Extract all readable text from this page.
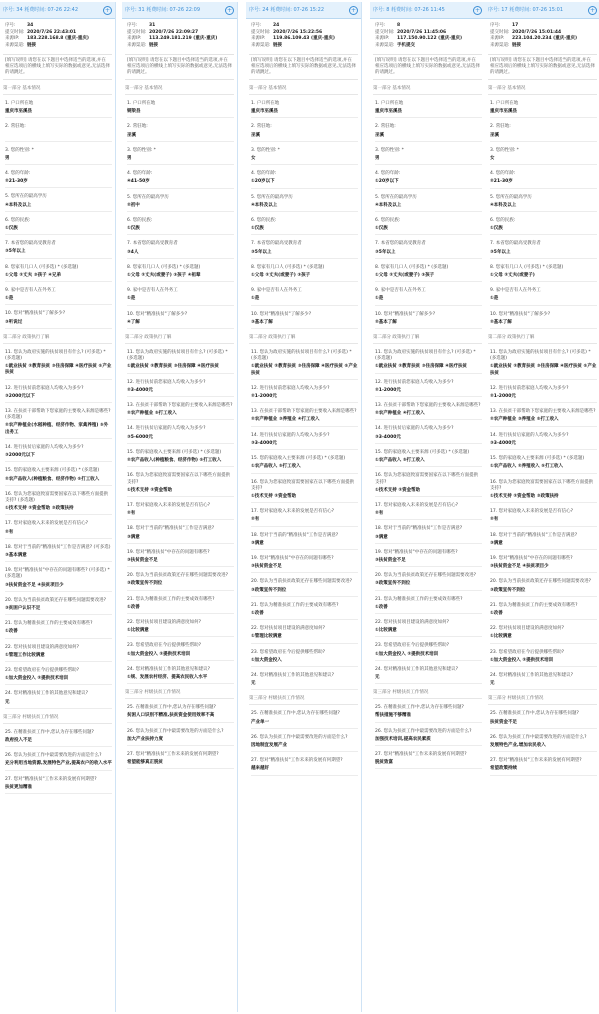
序号: 34 耗费时间: 07-26 22:42	+
序号:	34
提交时间: 2020/7/26 22:43:01
来源IP: 183.228.168.8 (重庆-重庆)
来源渠道: 链接
[填写说明] 请您在以下题目中选择适当的选项,并在相应选项后的横线上填写实际的数据或意见,无法选择的请跳过。
第一部分 基本情况
1. 户口所在地
重庆市巫溪县
2. 常驻地:
3. 您的性别: *
男
4. 您的年龄:
②21-30岁
5. 您所在的最高学历
④本科及以上
6. 您的民族:
①汉族
7. 本省您的最高受教育者
③5年以上
8. 您家有几口人 (可多选) * (多选题)
①父母 ②丈夫 ③孩子 ④兄弟
9. 家中是否有人在外务工
①是
10. 您对"精准扶贫"了解多少?
③听说过
第二部分 政策执行了解
11. 您认为政府实施的扶贫项目有什么? (可多选) * (多选题)
①就业扶贫 ②教育扶贫 ③住房保障 ④医疗扶贫 ⑤产业扶贫
12. 进行扶贫前您家庭人均收入为多少?
③2000元以下
13. 在扶贫干部帮助下您家庭的主要收入来源是哪些? (多选题)
②农产种植业(水稻种植、经济作物、家禽养殖) ⑤外出务工
14. 进行扶贫后家庭的人均收入为多少?
③2000元以下
15. 您的家庭收入主要来源 (可多选) * (多选题)
②农产品收入(种植粮食、经济作物) ⑤打工收入
16. 您认为您家庭致富需要国家在以下哪些方面提供支持? (多选题)
①技术支持 ②资金帮助 ③政策扶持
17. 您对家庭收入未来的发展是否有信心?
②有
18. 您对于当前的"精准扶贫"工作是否满意? (可多选)
③基本满意
19. 您对"精准扶贫"中存在的问题有哪些? (可多选) * (多选题)
③扶贫资金不足 ④扶贫项目少
20. 您认为当前扶贫政策还存在哪些问题需要改进?
③贫困户认识不足
21. 您认为精准扶贫工作的主要成效有哪些?
①改善
22. 您对扶贫项目建设的满意度如何?
①管理工作比较满意
23. 您希望政府在今后提供哪些帮助?
①加大资金投入 ②提供技术培训
24. 您对精准扶贫工作的其他意见和建议?
无
第三部分 村级扶贫工作情况
25. 在精准扶贫工作中,您认为存在哪些问题?
政府投入不足
26. 您认为扶贫工作中最需要改进的方面是什么?
充分利用当地资源,发展特色产业,提高农户的收入水平
27. 您对"精准扶贫"工作未来的发展有何期望?
扶贫更加精准
序号: 31 耗费时间: 07-26 22:09	+
序号:	31
提交时间: 2020/7/26 22:09:27
来源IP: 113.249.181.219 (重庆-重庆)
来源渠道: 链接
[填写说明] 请您在以下题目中选择适当的选项,并在相应选项后的横线上填写实际的数据或意见,无法选择的请跳过。
第一部分 基本情况
1. 户口所在地
铜梁县
2. 常驻地:
巫溪
3. 您的性别: *
男
4. 您的年龄:
④41-50岁
5. 您所在的最高学历
②初中
6. 您的民族:
①汉族
7. 本省您的最高受教育者
③4人
8. 您家有几口人 (可多选) * (多选题)
①父母 ②丈夫(或妻子) ③孩子 ④祖辈
9. 家中是否有人在外务工
①是
10. 您对"精准扶贫"了解多少?
④了解
第二部分 政策执行了解
11. 您认为政府实施的扶贫项目有什么? (可多选) * (多选题)
①就业扶贫 ②教育扶贫 ③住房保障 ④医疗扶贫
12. 进行扶贫前您家庭人均收入为多少?
②3-4000元
13. 在扶贫干部帮助下您家庭的主要收入来源是哪些?
②农产种植业 ⑤打工收入
14. 进行扶贫后家庭的人均收入为多少?
③5-6000元
15. 您的家庭收入主要来源 (可多选) * (多选题)
②农产品收入(种植粮食、经济作物) ⑤打工收入
16. 您认为您家庭致富需要国家在以下哪些方面提供支持?
①技术支持 ②资金帮助
17. 您对家庭收入未来的发展是否有信心?
②有
18. 您对于当前的"精准扶贫"工作是否满意?
③满意
19. 您对"精准扶贫"中存在的问题有哪些?
③扶贫资金不足
20. 您认为当前扶贫政策还存在哪些问题需要改进?
③政策宣传不到位
21. 您认为精准扶贫工作的主要成效有哪些?
①改善
22. 您对扶贫项目建设的满意度如何?
①比较满意
23. 您希望政府在今后提供哪些帮助?
①加大资金投入 ②提供技术培训
24. 您对精准扶贫工作的其他意见和建议?
①规、发展农村经济、提高农民收入水平
第三部分 村级扶贫工作情况
25. 在精准扶贫工作中,您认为存在哪些问题?
贫困人口识别不精准,扶贫资金使用效率不高
26. 您认为扶贫工作中最需要改进的方面是什么?
加大产业扶持力度
27. 您对"精准扶贫"工作未来的发展有何期望?
希望能够真正脱贫
序号: 24 耗费时间: 07-26 15:22	+
序号:	24
提交时间: 2020/7/26 15:22:56
来源IP: 119.86.109.43 (重庆-重庆)
来源渠道: 链接
[填写说明] 请您在以下题目中选择适当的选项,并在相应选项后的横线上填写实际的数据或意见,无法选择的请跳过。
第一部分 基本情况
1. 户口所在地
重庆市巫溪县
2. 常驻地:
巫溪
3. 您的性别: *
女
4. 您的年龄:
①20岁以下
5. 您所在的最高学历
④本科及以上
6. 您的民族:
①汉族
7. 本省您的最高受教育者
③5年以上
8. 您家有几口人 (可多选) * (多选题)
①父母 ②丈夫(或妻子) ③孩子
9. 家中是否有人在外务工
①是
10. 您对"精准扶贫"了解多少?
③基本了解
第二部分 政策执行了解
11. 您认为政府实施的扶贫项目有什么? (可多选) * (多选题)
①就业扶贫 ②教育扶贫 ③住房保障 ④医疗扶贫 ⑤产业扶贫
12. 进行扶贫前您家庭人均收入为多少?
②1-2000元
13. 在扶贫干部帮助下您家庭的主要收入来源是哪些?
②农产种植业 ③养殖业 ④打工收入
14. 进行扶贫后家庭的人均收入为多少?
③3-4000元
15. 您的家庭收入主要来源 (可多选) * (多选题)
①农产品收入 ⑤打工收入
16. 您认为您家庭致富需要国家在以下哪些方面提供支持?
①技术支持 ②资金帮助
17. 您对家庭收入未来的发展是否有信心?
②有
18. 您对于当前的"精准扶贫"工作是否满意?
③满意
19. 您对"精准扶贫"中存在的问题有哪些?
③扶贫资金不足
20. 您认为当前扶贫政策还存在哪些问题需要改进?
③政策宣传不到位
21. 您认为精准扶贫工作的主要成效有哪些?
①改善
22. 您对扶贫项目建设的满意度如何?
①管理比较满意
23. 您希望政府在今后提供哪些帮助?
①加大资金投入
24. 您对精准扶贫工作的其他意见和建议?
无
第三部分 村级扶贫工作情况
25. 在精准扶贫工作中,您认为存在哪些问题?
产业单一
26. 您认为扶贫工作中最需要改进的方面是什么?
因地制宜发展产业
27. 您对"精准扶贫"工作未来的发展有何期望?
越来越好
序号: 8 耗费时间: 07-26 11:45	+
序号:	8
提交时间: 2020/7/26 11:45:06
来源IP: 117.150.90.122 (重庆-重庆)
来源渠道: 手机提交
[填写说明] 请您在以下题目中选择适当的选项,并在相应选项后的横线上填写实际的数据或意见,无法选择的请跳过。
第一部分 基本情况
1. 户口所在地
重庆市巫溪县
2. 常驻地:
巫溪
3. 您的性别: *
男
4. 您的年龄:
①20岁以下
5. 您所在的最高学历
④本科及以上
6. 您的民族:
①汉族
7. 本省您的最高受教育者
③5年以上
8. 您家有几口人 (可多选) * (多选题)
①父母 ②丈夫(或妻子) ③孩子
9. 家中是否有人在外务工
①是
10. 您对"精准扶贫"了解多少?
②基本了解
第二部分 政策执行了解
11. 您认为政府实施的扶贫项目有什么? (可多选) * (多选题)
①就业扶贫 ②教育扶贫 ③住房保障 ④医疗扶贫
12. 进行扶贫前您家庭人均收入为多少?
②1-2000元
13. 在扶贫干部帮助下您家庭的主要收入来源是哪些?
②农产种植业 ④打工收入
14. 进行扶贫后家庭的人均收入为多少?
③3-4000元
15. 您的家庭收入主要来源 (可多选) * (多选题)
①农产品收入 ⑤打工收入
16. 您认为您家庭致富需要国家在以下哪些方面提供支持?
①技术支持 ②资金帮助
17. 您对家庭收入未来的发展是否有信心?
②有
18. 您对于当前的"精准扶贫"工作是否满意?
③满意
19. 您对"精准扶贫"中存在的问题有哪些?
③扶贫资金不足
20. 您认为当前扶贫政策还存在哪些问题需要改进?
③政策宣传不到位
21. 您认为精准扶贫工作的主要成效有哪些?
①改善
22. 您对扶贫项目建设的满意度如何?
①比较满意
23. 您希望政府在今后提供哪些帮助?
①加大资金投入 ②提供技术培训
24. 您对精准扶贫工作的其他意见和建议?
无
第三部分 村级扶贫工作情况
25. 在精准扶贫工作中,您认为存在哪些问题?
帮扶措施不够精准
26. 您认为扶贫工作中最需要改进的方面是什么?
加强技术培训,提高农民素质
27. 您对"精准扶贫"工作未来的发展有何期望?
脱贫致富
序号: 17 耗费时间: 07-26 15:01	+
序号:	17
提交时间: 2020/7/26 15:01:44
来源IP: 223.104.20.234 (重庆-重庆)
来源渠道: 链接
[填写说明] 请您在以下题目中选择适当的选项,并在相应选项后的横线上填写实际的数据或意见,无法选择的请跳过。
第一部分 基本情况
1. 户口所在地
重庆市巫溪县
2. 常驻地:
巫溪
3. 您的性别: *
女
4. 您的年龄:
②21-30岁
5. 您所在的最高学历
④本科及以上
6. 您的民族:
①汉族
7. 本省您的最高受教育者
③5年以上
8. 您家有几口人 (可多选) * (多选题)
①父母 ②丈夫(或妻子)
9. 家中是否有人在外务工
①是
10. 您对"精准扶贫"了解多少?
②基本了解
第二部分 政策执行了解
11. 您认为政府实施的扶贫项目有什么? (可多选) * (多选题)
①就业扶贫 ②教育扶贫 ③住房保障 ④医疗扶贫 ⑤产业扶贫
12. 进行扶贫前您家庭人均收入为多少?
②1-2000元
13. 在扶贫干部帮助下您家庭的主要收入来源是哪些?
②农产种植业 ③养殖业 ⑤打工收入
14. 进行扶贫后家庭的人均收入为多少?
③3-4000元
15. 您的家庭收入主要来源 (可多选) * (多选题)
①农产品收入 ②养殖收入 ⑤打工收入
16. 您认为您家庭致富需要国家在以下哪些方面提供支持?
①技术支持 ②资金帮助 ③政策扶持
17. 您对家庭收入未来的发展是否有信心?
②有
18. 您对于当前的"精准扶贫"工作是否满意?
③满意
19. 您对"精准扶贫"中存在的问题有哪些?
③扶贫资金不足 ④扶贫项目少
20. 您认为当前扶贫政策还存在哪些问题需要改进?
③政策宣传不到位
21. 您认为精准扶贫工作的主要成效有哪些?
①改善
22. 您对扶贫项目建设的满意度如何?
①比较满意
23. 您希望政府在今后提供哪些帮助?
①加大资金投入 ②提供技术培训
24. 您对精准扶贫工作的其他意见和建议?
无
第三部分 村级扶贫工作情况
25. 在精准扶贫工作中,您认为存在哪些问题?
扶贫资金不足
26. 您认为扶贫工作中最需要改进的方面是什么?
发展特色产业,增加农民收入
27. 您对"精准扶贫"工作未来的发展有何期望?
希望政策持续
